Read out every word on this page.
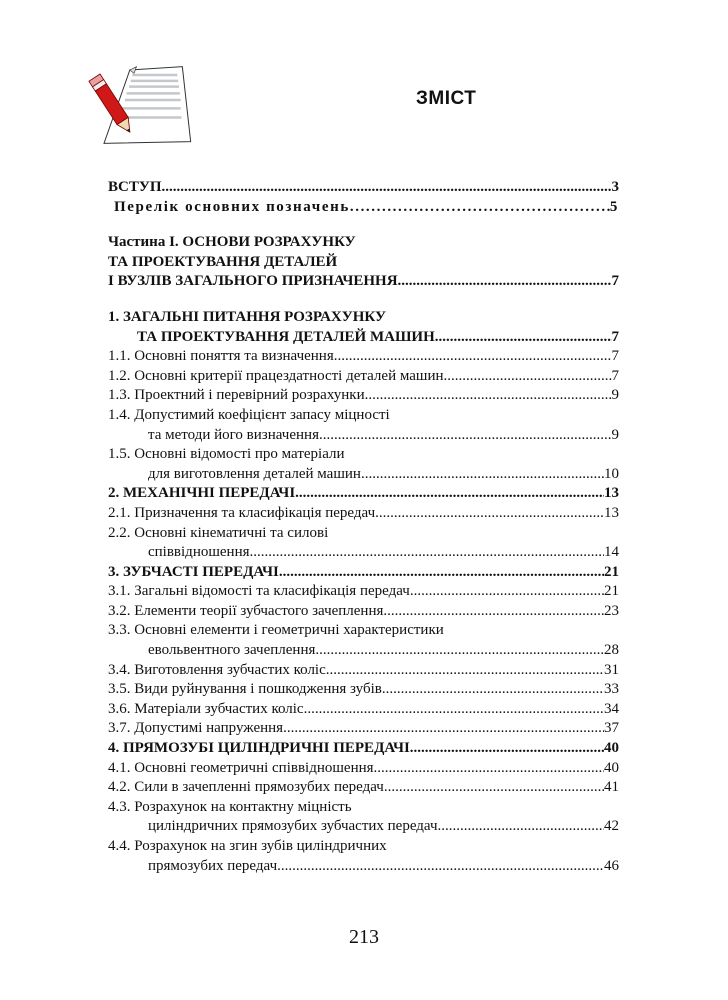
ЗМІСТ
ВСТУП .....	3
Перелік основних позначень .....	5
Частина І. ОСНОВИ РОЗРАХУНКУ
ТА ПРОЕКТУВАННЯ ДЕТАЛЕЙ
І ВУЗЛІВ ЗАГАЛЬНОГО ПРИЗНАЧЕННЯ .....	7
1. ЗАГАЛЬНІ ПИТАННЯ РОЗРАХУНКУ
ТА ПРОЕКТУВАННЯ ДЕТАЛЕЙ МАШИН .....	7
1.1. Основні поняття та визначення .....	7
1.2. Основні критерії працездатності деталей машин .....	7
1.3. Проектний і перевірний розрахунки .....	9
1.4. Допустимий коефіцієнт запасу міцності
та методи його визначення .....	9
1.5. Основні відомості про матеріали
для виготовлення деталей машин .....	10
2. МЕХАНІЧНІ ПЕРЕДАЧІ .....	13
2.1. Призначення та класифікація передач .....	13
2.2. Основні кінематичні та силові
співвідношення .....	14
3. ЗУБЧАСТІ ПЕРЕДАЧІ .....	21
3.1. Загальні відомості та класифікація передач .....	21
3.2. Елементи теорії зубчастого зачеплення .....	23
3.3. Основні елементи і геометричні характеристики
евольвентного зачеплення .....	28
3.4. Виготовлення зубчастих коліс .....	31
3.5. Види руйнування і пошкодження зубів .....	33
3.6. Матеріали зубчастих коліс .....	34
3.7. Допустимі напруження .....	37
4. ПРЯМОЗУБІ ЦИЛІНДРИЧНІ ПЕРЕДАЧІ .....	40
4.1. Основні геометричні співвідношення .....	40
4.2. Сили в зачепленні прямозубих передач .....	41
4.3. Розрахунок на контактну міцність
циліндричних прямозубих зубчастих передач .....	42
4.4. Розрахунок на згин зубів циліндричних
прямозубих передач .....	46
213
